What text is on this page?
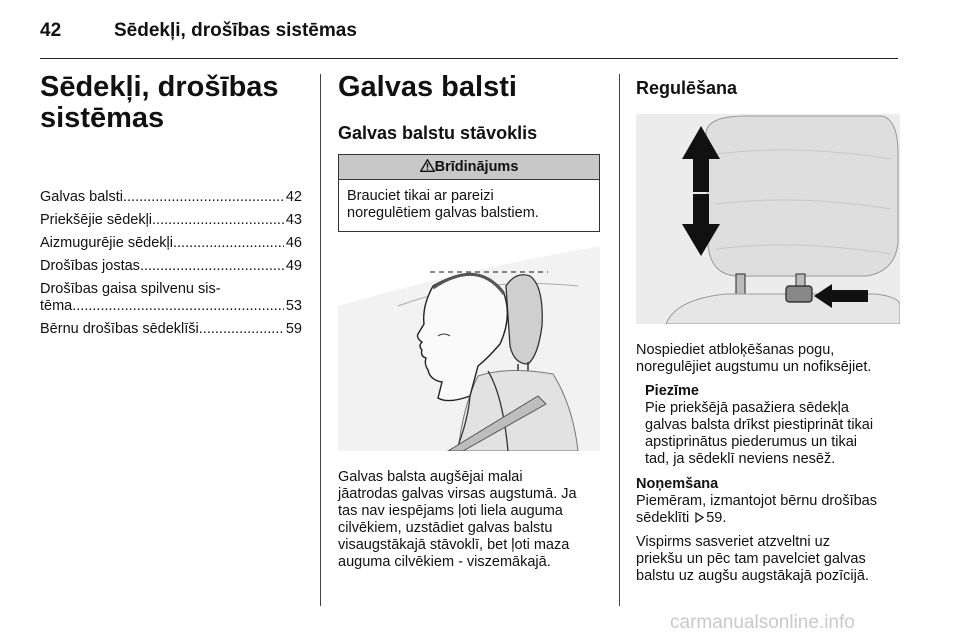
42	Sēdekļi, drošības sistēmas
Sēdekļi, drošības
sistēmas
Galvas balsti .....	42
Priekšējie sēdekļi .....	43
Aizmugurējie sēdekļi .....	46
Drošības jostas .....	49
Drošības gaisa spilvenu sis-
tēma .....	53
Bērnu drošības sēdeklīši .....	59
Galvas balsti
Galvas balstu stāvoklis
Brīdinājums
Brauciet tikai ar pareizi
noregulētiem galvas balstiem.

Galvas balsta augšējai malai

jāatrodas galvas virsas augstumā. Ja

tas nav iespējams ļoti liela auguma

cilvēkiem, uzstādiet galvas balstu

visaugstākajā stāvoklī, bet ļoti maza

auguma cilvēkiem - viszemākajā.

Regulēšana

Nospiediet atbloķēšanas pogu,

noregulējiet augstumu un nofiksējiet.

Piezīme

Pie priekšējā pasažiera sēdekļa

galvas balsta drīkst piestiprināt tikai

apstiprinātus piederumus un tikai

tad, ja sēdeklī neviens nesēž.

Noņemšana

Piemēram, izmantojot bērnu drošības

sēdeklīti 59.

Vispirms sasveriet atzveltni uz

priekšu un pēc tam pavelciet galvas

balstu uz augšu augstākajā pozīcijā.

carmanualsonline.info
